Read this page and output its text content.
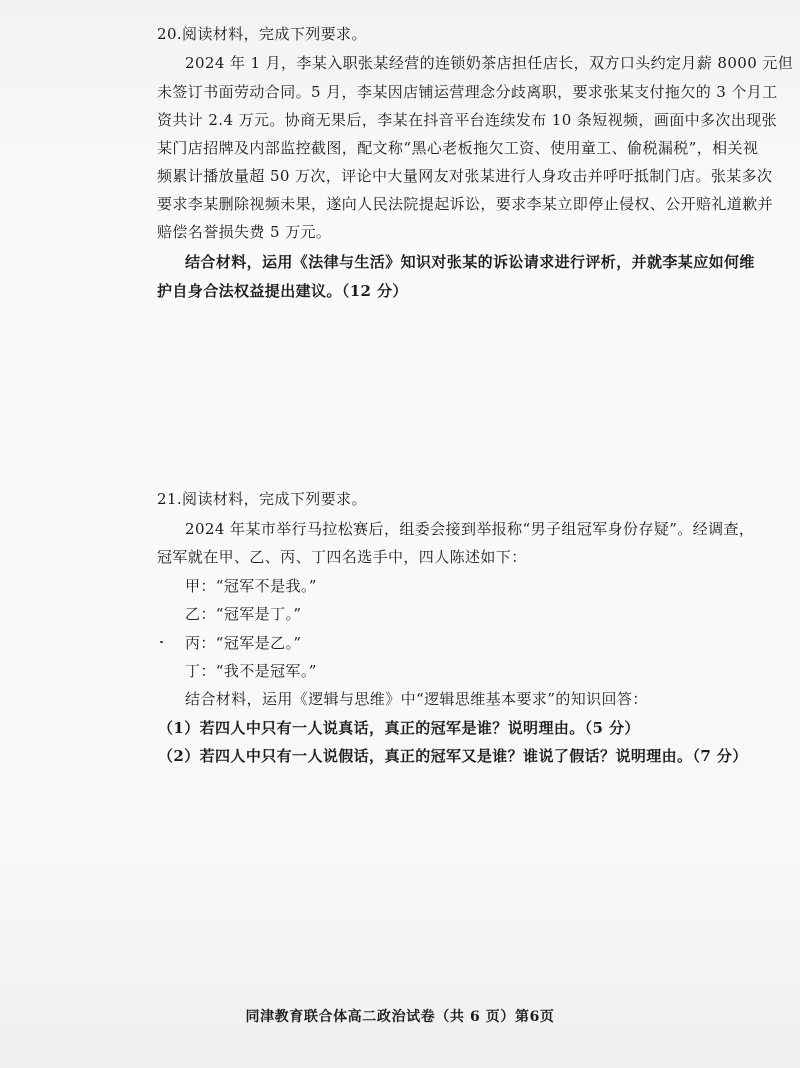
20.阅读材料，完成下列要求。
2024 年 1 月，李某入职张某经营的连锁奶茶店担任店长，双方口头约定月薪 8000 元但
未签订书面劳动合同。5 月，李某因店铺运营理念分歧离职，要求张某支付拖欠的 3 个月工
资共计 2.4 万元。协商无果后，李某在抖音平台连续发布 10 条短视频，画面中多次出现张
某门店招牌及内部监控截图，配文称“黑心老板拖欠工资、使用童工、偷税漏税”，相关视
频累计播放量超 50 万次，评论中大量网友对张某进行人身攻击并呼吁抵制门店。张某多次
要求李某删除视频未果，遂向人民法院提起诉讼，要求李某立即停止侵权、公开赔礼道歉并
赔偿名誉损失费 5 万元。
结合材料，运用《法律与生活》知识对张某的诉讼请求进行评析，并就李某应如何维
护自身合法权益提出建议。（12 分）
21.阅读材料，完成下列要求。
2024 年某市举行马拉松赛后，组委会接到举报称“男子组冠军身份存疑”。经调查，
冠军就在甲、乙、丙、丁四名选手中，四人陈述如下：
甲：“冠军不是我。”
乙：“冠军是丁。”
丙：“冠军是乙。”
丁：“我不是冠军。”
结合材料，运用《逻辑与思维》中“逻辑思维基本要求”的知识回答：
（1）若四人中只有一人说真话，真正的冠军是谁？说明理由。（5 分）
（2）若四人中只有一人说假话，真正的冠军又是谁？谁说了假话？说明理由。（7 分）
同津教育联合体高二政治试卷（共 6 页）第6页
